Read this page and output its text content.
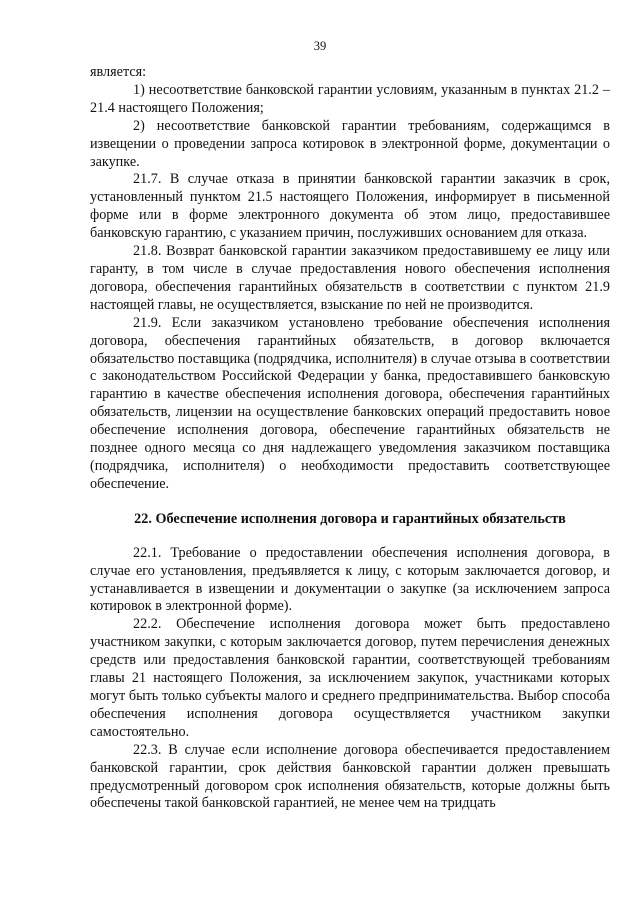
39

является:

1) несоответствие банковской гарантии условиям, указанным в пунктах 21.2 – 21.4 настоящего Положения;

2) несоответствие банковской гарантии требованиям, содержащимся в извещении о проведении запроса котировок в электронной форме, документации о закупке.

21.7. В случае отказа в принятии банковской гарантии заказчик в срок, установленный пунктом 21.5 настоящего Положения, информирует в письменной форме или в форме электронного документа об этом лицо, предоставившее банковскую гарантию, с указанием причин, послуживших основанием для отказа.

21.8. Возврат банковской гарантии заказчиком предоставившему ее лицу или гаранту, в том числе в случае предоставления нового обеспечения исполнения договора, обеспечения гарантийных обязательств в соответствии с пунктом 21.9 настоящей главы, не осуществляется, взыскание по ней не производится.

21.9. Если заказчиком установлено требование обеспечения исполнения договора, обеспечения гарантийных обязательств, в договор включается обязательство поставщика (подрядчика, исполнителя) в случае отзыва в соответствии с законодательством Российской Федерации у банка, предоставившего банковскую гарантию в качестве обеспечения исполнения договора, обеспечения гарантийных обязательств, лицензии на осуществление банковских операций предоставить новое обеспечение исполнения договора, обеспечение гарантийных обязательств не позднее одного месяца со дня надлежащего уведомления заказчиком поставщика (подрядчика, исполнителя) о необходимости предоставить соответствующее обеспечение.

22. Обеспечение исполнения договора и гарантийных обязательств

22.1. Требование о предоставлении обеспечения исполнения договора, в случае его установления, предъявляется к лицу, с которым заключается договор, и устанавливается в извещении и документации о закупке (за исключением запроса котировок в электронной форме).

22.2. Обеспечение исполнения договора может быть предоставлено участником закупки, с которым заключается договор, путем перечисления денежных средств или предоставления банковской гарантии, соответствующей требованиям главы 21 настоящего Положения, за исключением закупок, участниками которых могут быть только субъекты малого и среднего предпринимательства. Выбор способа обеспечения исполнения договора осуществляется участником закупки самостоятельно.

22.3. В случае если исполнение договора обеспечивается предоставлением банковской гарантии, срок действия банковской гарантии должен превышать предусмотренный договором срок исполнения обязательств, которые должны быть обеспечены такой банковской гарантией, не менее чем на тридцать
